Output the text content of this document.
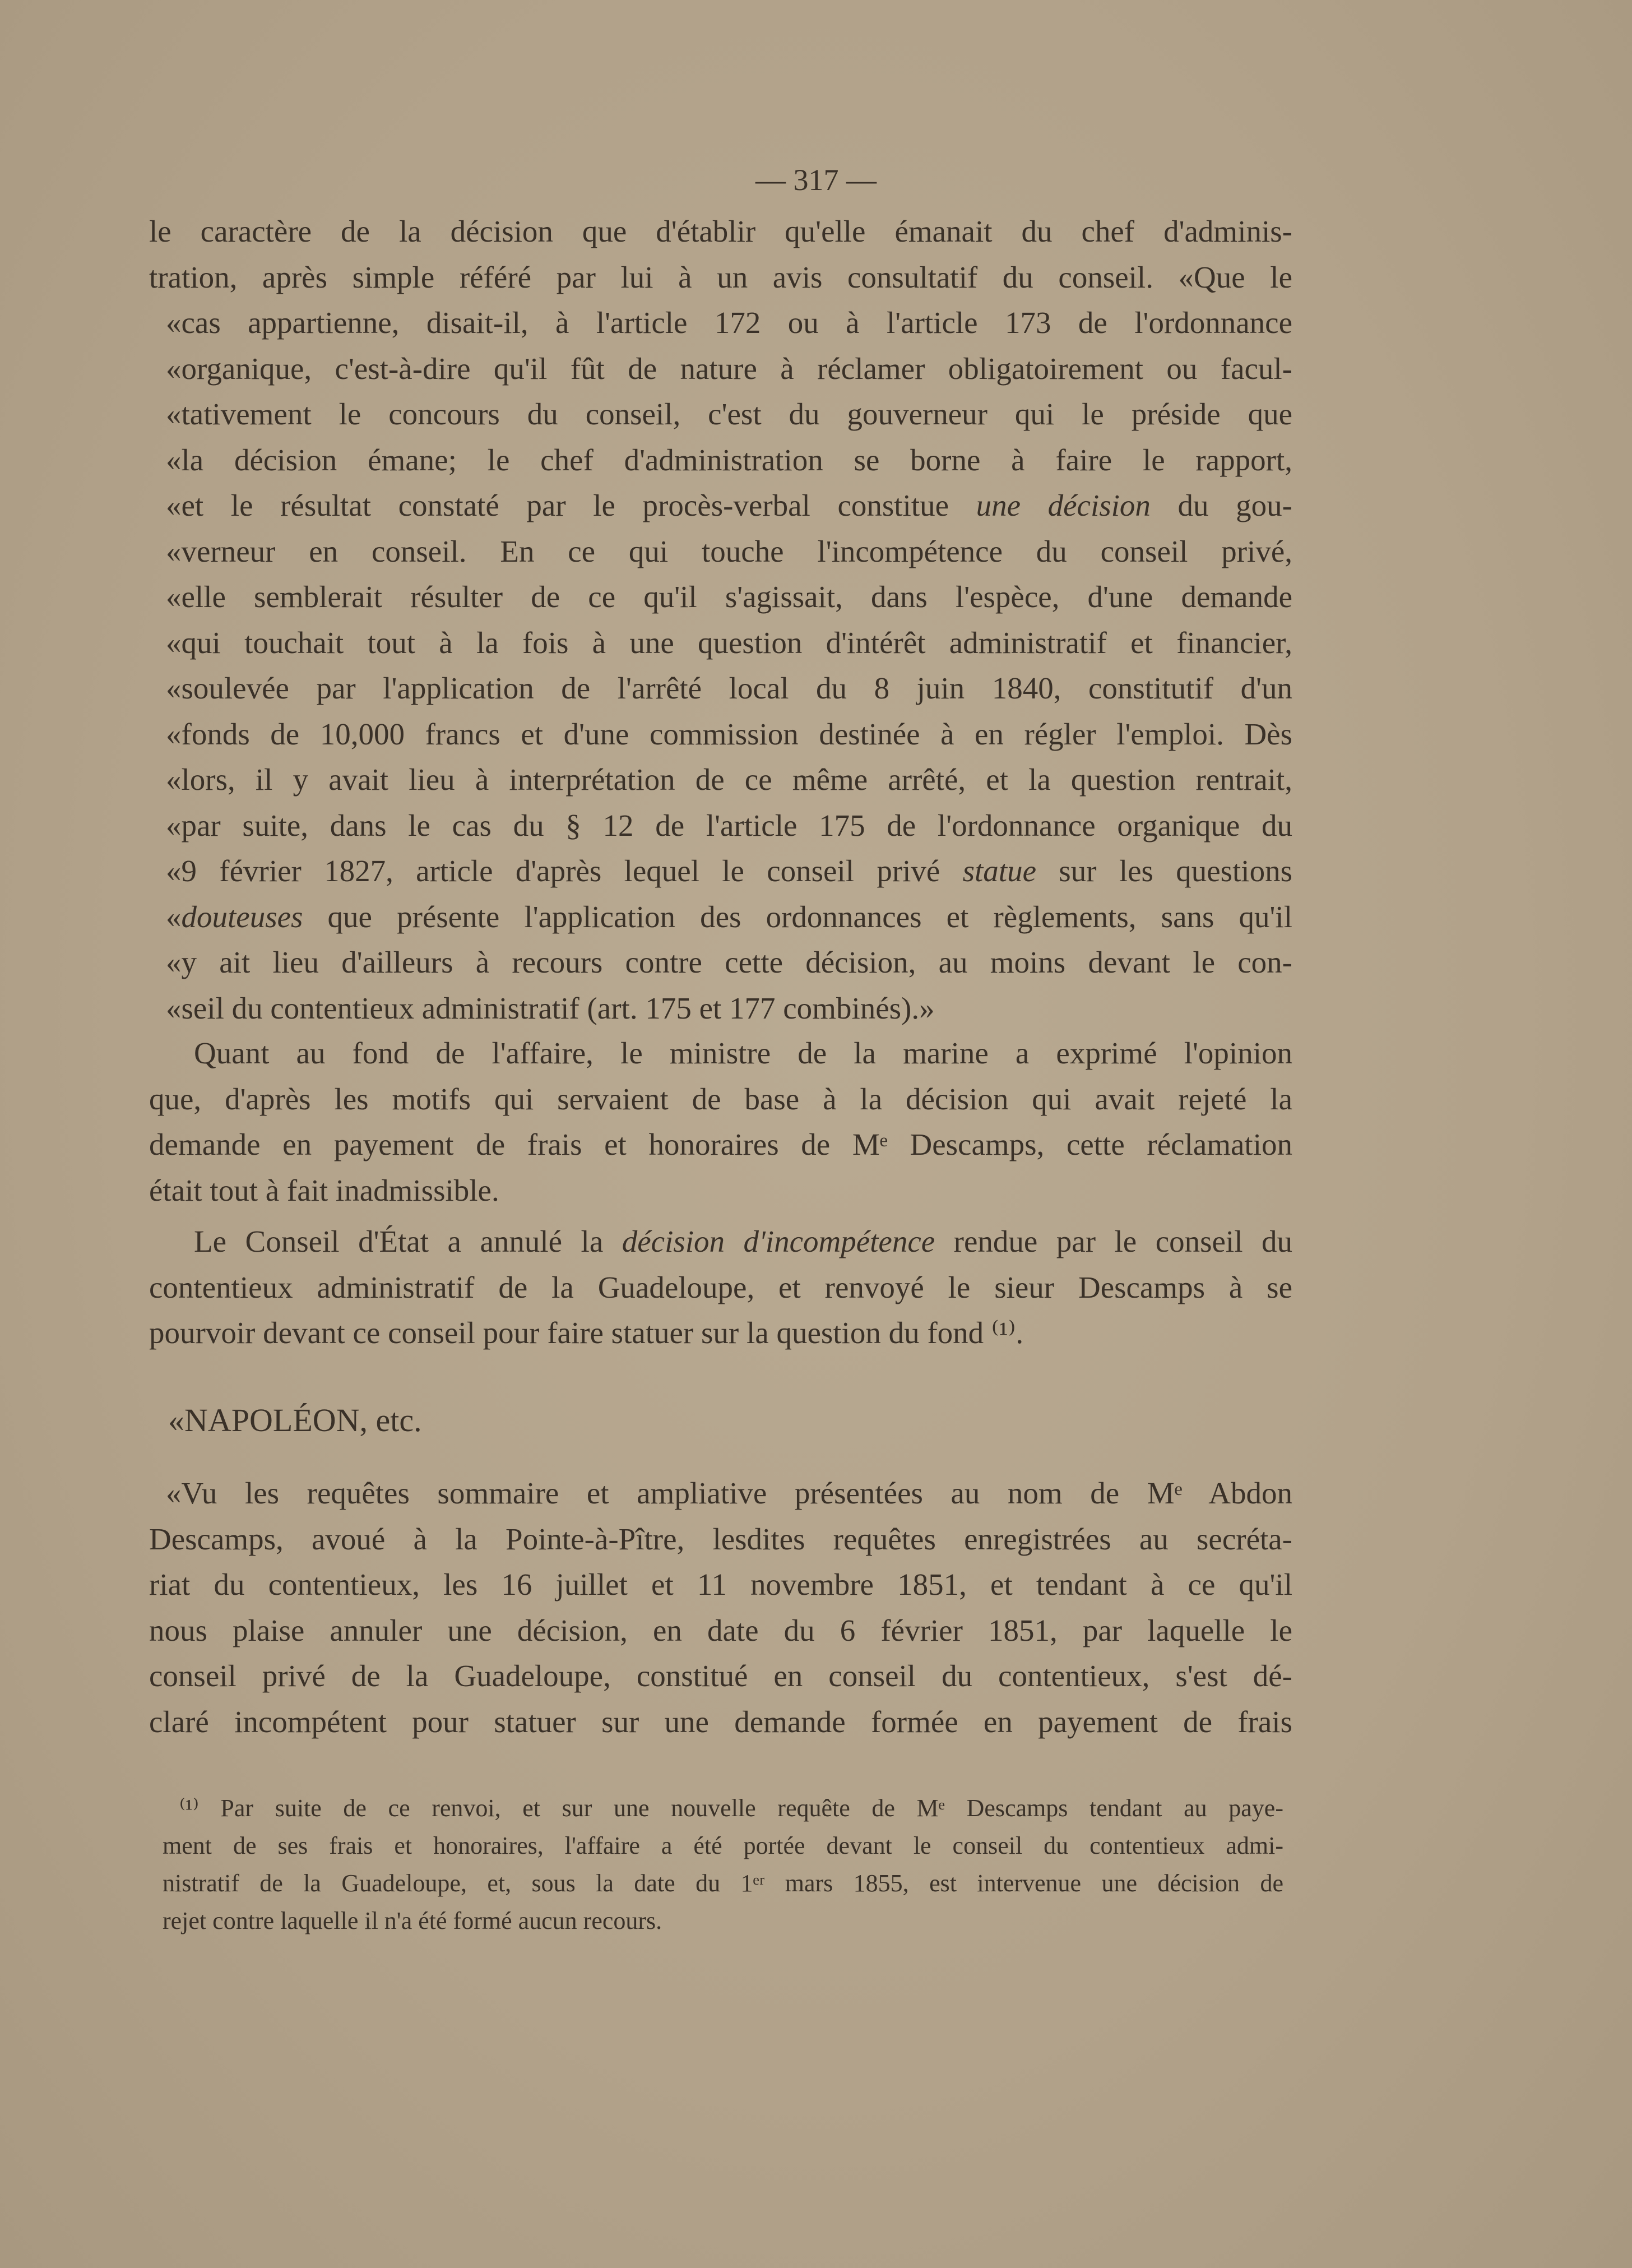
— 317 —
le caractère de la décision que d'établir qu'elle émanait du chef d'adminis-
tration, après simple référé par lui à un avis consultatif du conseil. «Que le
«cas appartienne, disait-il, à l'article 172 ou à l'article 173 de l'ordonnance
«organique, c'est-à-dire qu'il fût de nature à réclamer obligatoirement ou facul-
«tativement le concours du conseil, c'est du gouverneur qui le préside que
«la décision émane; le chef d'administration se borne à faire le rapport,
«et le résultat constaté par le procès-verbal constitue une décision du gou-
«verneur en conseil. En ce qui touche l'incompétence du conseil privé,
«elle semblerait résulter de ce qu'il s'agissait, dans l'espèce, d'une demande
«qui touchait tout à la fois à une question d'intérêt administratif et financier,
«soulevée par l'application de l'arrêté local du 8 juin 1840, constitutif d'un
«fonds de 10,000 francs et d'une commission destinée à en régler l'emploi. Dès
«lors, il y avait lieu à interprétation de ce même arrêté, et la question rentrait,
«par suite, dans le cas du § 12 de l'article 175 de l'ordonnance organique du
«9 février 1827, article d'après lequel le conseil privé statue sur les questions
«douteuses que présente l'application des ordonnances et règlements, sans qu'il
«y ait lieu d'ailleurs à recours contre cette décision, au moins devant le con-
«seil du contentieux administratif (art. 175 et 177 combinés).»
Quant au fond de l'affaire, le ministre de la marine a exprimé l'opinion
que, d'après les motifs qui servaient de base à la décision qui avait rejeté la
demande en payement de frais et honoraires de Mᵉ Descamps, cette réclamation
était tout à fait inadmissible.
Le Conseil d'État a annulé la décision d'incompétence rendue par le conseil du
contentieux administratif de la Guadeloupe, et renvoyé le sieur Descamps à se
pourvoir devant ce conseil pour faire statuer sur la question du fond ⁽¹⁾.
«NAPOLÉON, etc.
«Vu les requêtes sommaire et ampliative présentées au nom de Mᵉ Abdon
Descamps, avoué à la Pointe-à-Pître, lesdites requêtes enregistrées au secréta-
riat du contentieux, les 16 juillet et 11 novembre 1851, et tendant à ce qu'il
nous plaise annuler une décision, en date du 6 février 1851, par laquelle le
conseil privé de la Guadeloupe, constitué en conseil du contentieux, s'est dé-
claré incompétent pour statuer sur une demande formée en payement de frais
⁽¹⁾ Par suite de ce renvoi, et sur une nouvelle requête de Mᵉ Descamps tendant au paye-
ment de ses frais et honoraires, l'affaire a été portée devant le conseil du contentieux admi-
nistratif de la Guadeloupe, et, sous la date du 1ᵉʳ mars 1855, est intervenue une décision de
rejet contre laquelle il n'a été formé aucun recours.
